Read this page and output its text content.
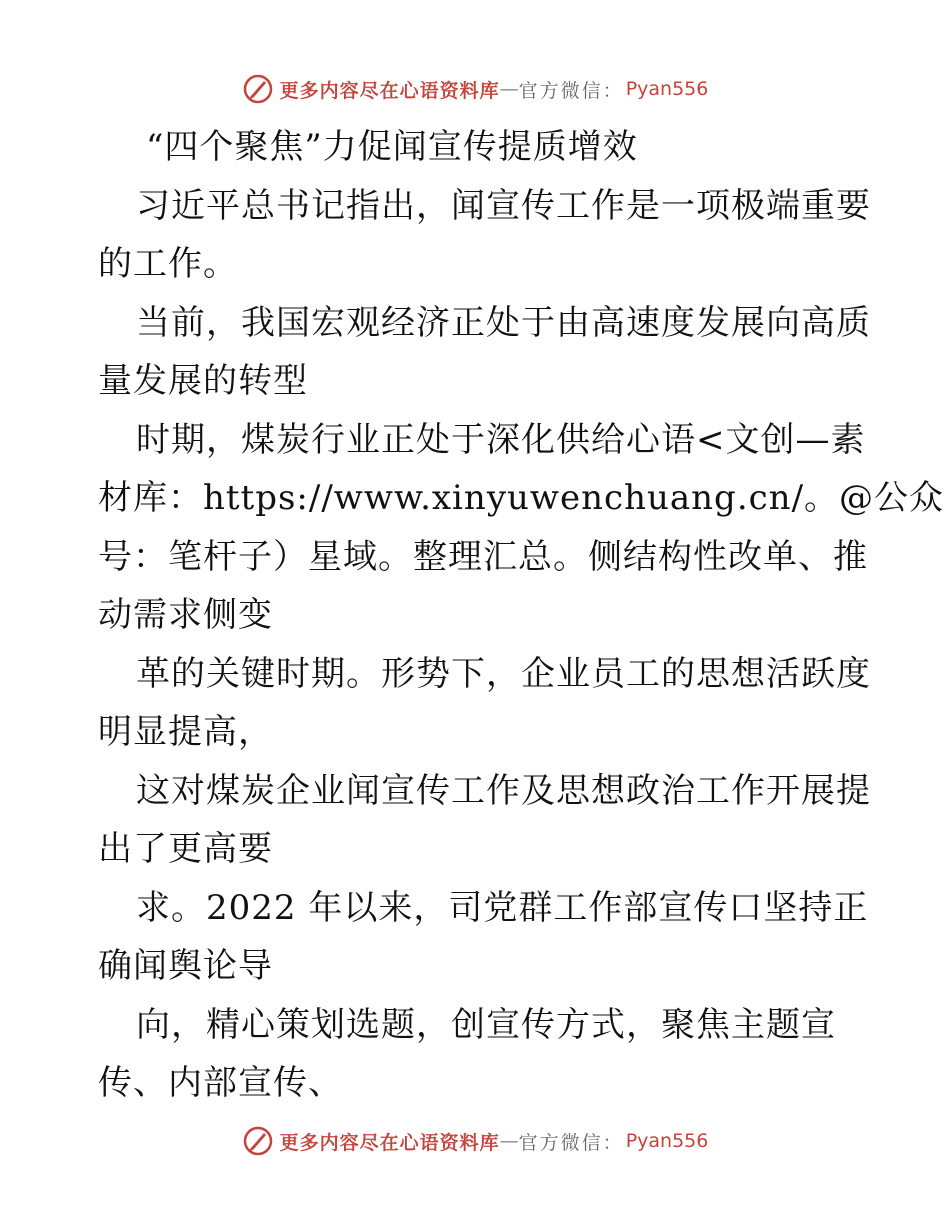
更多内容尽在心语资料库 — 官方微信： Pyan556
“四个聚焦”力促闻宣传提质增效
习近平总书记指出，闻宣传工作是一项极端重要
的工作。
当前，我国宏观经济正处于由高速度发展向高质
量发展的转型
时期，煤炭行业正处于深化供给心语<文创—素
材库：https://www.xinyuwenchuang.cn/。@公众
号：笔杆子）星域。整理汇总。侧结构性改单、推
动需求侧变
革的关键时期。形势下，企业员工的思想活跃度
明显提高，
这对煤炭企业闻宣传工作及思想政治工作开展提
出了更高要
求。2022 年以来，司党群工作部宣传口坚持正
确闻舆论导
向，精心策划选题，创宣传方式，聚焦主题宣
传、内部宣传、
更多内容尽在心语资料库 — 官方微信： Pyan556
